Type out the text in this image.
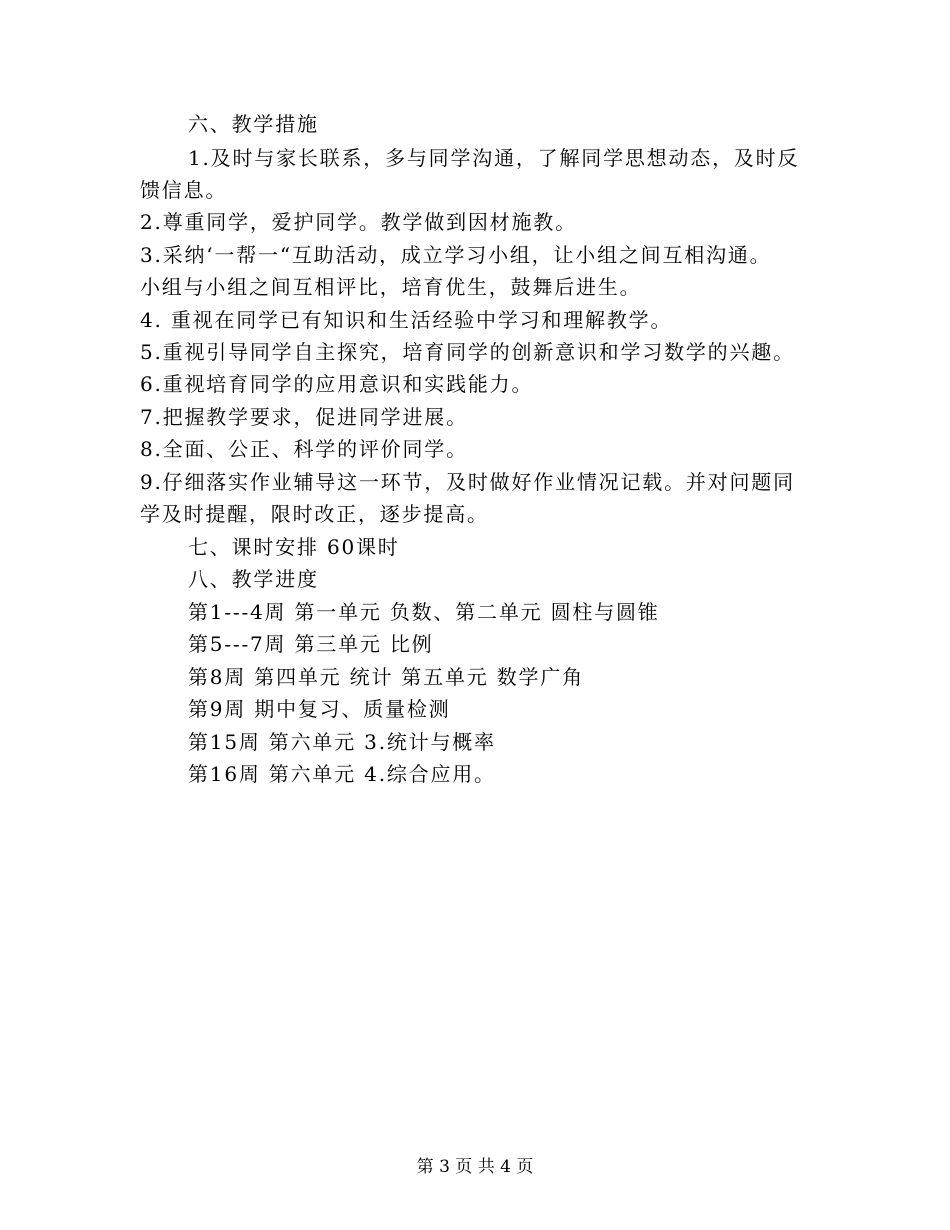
六、教学措施
1.及时与家长联系，多与同学沟通，了解同学思想动态，及时反
馈信息。
2.尊重同学，爱护同学。教学做到因材施教。
3.采纳‘一帮一“互助活动，成立学习小组，让小组之间互相沟通。
小组与小组之间互相评比，培育优生，鼓舞后进生。
4. 重视在同学已有知识和生活经验中学习和理解教学。
5.重视引导同学自主探究，培育同学的创新意识和学习数学的兴趣。
6.重视培育同学的应用意识和实践能力。
7.把握教学要求，促进同学进展。
8.全面、公正、科学的评价同学。
9.仔细落实作业辅导这一环节，及时做好作业情况记载。并对问题同
学及时提醒，限时改正，逐步提高。
七、课时安排 60课时
八、教学进度
第1---4周 第一单元 负数、第二单元 圆柱与圆锥
第5---7周 第三单元 比例
第8周 第四单元 统计 第五单元 数学广角
第9周 期中复习、质量检测
第15周 第六单元 3.统计与概率
第16周 第六单元 4.综合应用。
第 3 页 共 4 页
